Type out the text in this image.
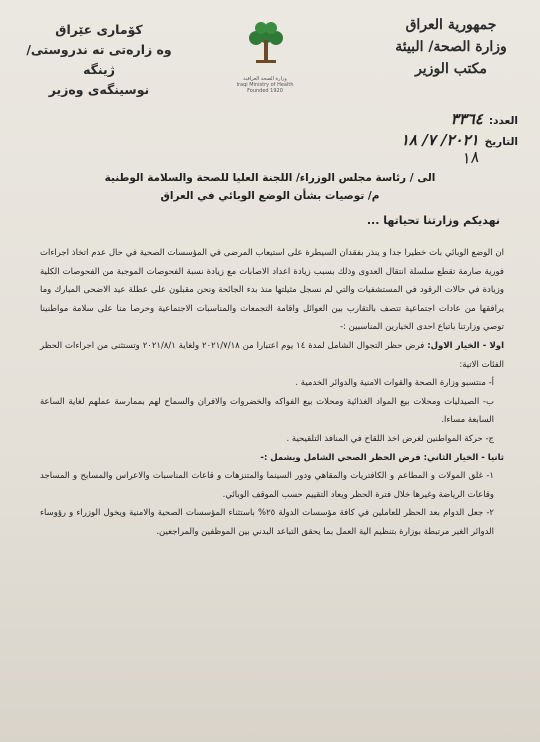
جمهورية العراق
وزارة الصحة/ البيئة
مكتب الوزير
وزارة الصحة العراقية
Iraqi Ministry of Health
Founded 1920
كۆماری عێراق
وه زارەتی تە ندروستی/ ژینگه
نوسینگەی وەزیر
العدد:
٣٣٦٤
التاريخ
٢٠٢١/ ٧/ ١٨
١٨
الى / رئاسة مجلس الوزراء/ اللجنة العليا للصحة والسلامة الوطنية
م/ توصيات بشأن الوضع الوبائي في العراق
نهديكم وزارتنا تحياتها ...

ان الوضع الوبائي بات خطيرا جدا و ينذر بفقدان السيطرة على استيعاب المرضى في المؤسسات الصحية في حال عدم اتخاذ اجراءات فورية صارمة تقطع سلسلة انتقال العدوى وذلك بسبب زيادة اعداد الاصابات مع زيادة نسبة الفحوصات الموجبة من الفحوصات الكلية وزيادة في حالات الرقود في المستشفيات والتي لم نسجل مثيلتها منذ بدء الجائحة ونحن مقبلون على عطلة عيد الاضحى المبارك وما يرافقها من عادات اجتماعية تتصف بالتقارب بين العوائل واقامة التجمعات والمناسبات الاجتماعية وحرصا منا على سلامة مواطنينا توصي وزارتنا باتباع احدى الخيارين المناسبين :-

اولا - الخيار الاول: فرض حظر التجوال الشامل لمدة ١٤ يوم اعتبارا من ٢٠٢١/٧/١٨ ولغاية ٢٠٢١/٨/١ وتستثنى من اجراءات الحظر الفئات الاتية:

أ- منتسبو وزارة الصحة والقوات الامنية والدوائر الخدمية .

ب- الصيدليات ومحلات بيع المواد الغذائية ومحلات بيع الفواكه والخضروات والافران والسماح لهم بممارسة عملهم لغاية الساعة السابعة مساءا.

ج- حركة المواطنين لغرض اخذ اللقاح في المنافذ التلقيحية .

ثانيا - الخيار الثاني: فرض الحظر الصحي الشامل ويشمل :-

١- غلق المولات و المطاعم و الكافتريات والمقاهي ودور السينما والمتنزهات و قاعات المناسبات والاعراس والمسابح و المساجد وقاعات الرياضة وغيرها خلال فترة الحظر ويعاد التقييم حسب الموقف الوبائي.

٢- جعل الدوام بعد الحظر للعاملين في كافة مؤسسات الدولة ٢٥% باستثناء المؤسسات الصحية والامنية ويخول الوزراء و رؤوساء الدوائر الغير مرتبطة بوزارة بتنظيم الية العمل بما يحقق التباعد البدني بين الموظفين والمراجعين.
